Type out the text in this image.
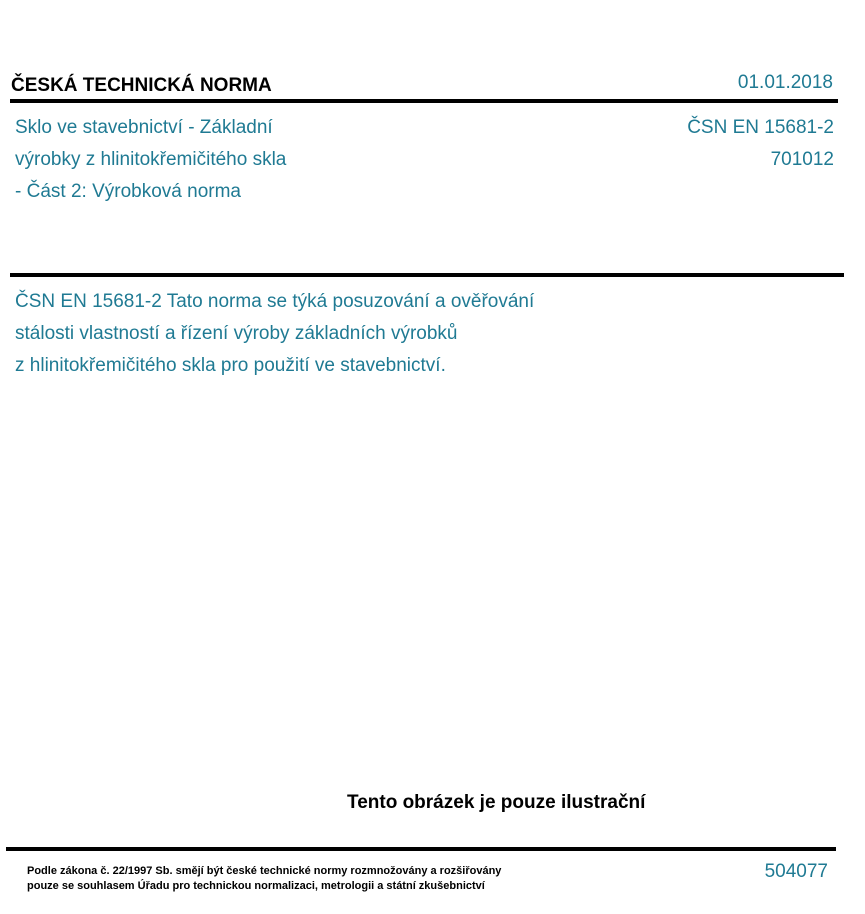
ČESKÁ TECHNICKÁ NORMA	01.01.2018
Sklo ve stavebnictví - Základní
výrobky z hlinitokřemičitého skla
- Část 2: Výrobková norma
ČSN EN 15681-2
701012
ČSN EN 15681-2 Tato norma se týká posuzování a ověřování
stálosti vlastností a řízení výroby základních výrobků
z hlinitokřemičitého skla pro použití ve stavebnictví.
Tento obrázek je pouze ilustrační
Podle zákona č. 22/1997 Sb. smějí být české technické normy rozmnožovány a rozšiřovány
pouze se souhlasem Úřadu pro technickou normalizaci, metrologii a státní zkušebnictví
504077
